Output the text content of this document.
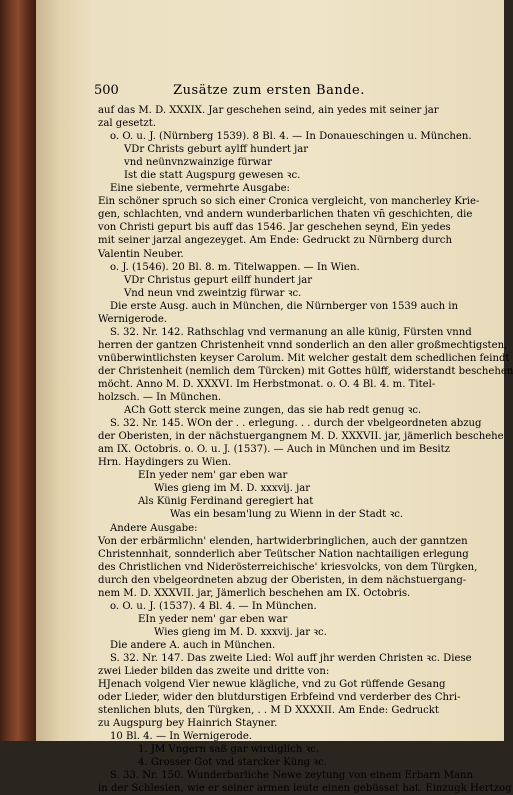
500	Zusätze zum ersten Bande.
auf das M. D. XXXIX. Jar geschehen seind, ain yedes mit seiner jar
zal gesetzt.
o. O. u. J. (Nürnberg 1539). 8 Bl. 4. — In Donaueschingen u. München.
VDr Christs geburt aylff hundert jar
vnd neünvnzwainzige fürwar
Ist die statt Augspurg gewesen ꝛc.
Eine siebente, vermehrte Ausgabe:
Ein schöner spruch so sich einer Cronica vergleicht, von mancherley Krie-
gen, schlachten, vnd andern wunderbarlichen thaten vn̄ geschichten, die
von Christi gepurt bis auff das 1546. Jar geschehen seynd, Ein yedes
mit seiner jarzal angezeyget. Am Ende: Gedruckt zu Nürnberg durch
Valentin Neuber.
o. J. (1546). 20 Bl. 8. m. Titelwappen. — In Wien.
VDr Christus gepurt eilff hundert jar
Vnd neun vnd zweintzig fürwar ꝛc.
Die erste Ausg. auch in München, die Nürnberger von 1539 auch in
Wernigerode.
S. 32. Nr. 142. Rathschlag vnd vermanung an alle künig, Fürsten vnnd
herren der gantzen Christenheit vnnd sonderlich an den aller großmechtigsten,
vnüberwintlichsten keyser Carolum. Mit welcher gestalt dem schedlichen feindt
der Christenheit (nemlich dem Türcken) mit Gottes hülff, widerstandt beschehen
möcht. Anno M. D. XXXVI. Im Herbstmonat. o. O. 4 Bl. 4. m. Titel-
holzsch. — In München.
ACh Gott sterck meine zungen, das sie hab redt genug ꝛc.
S. 32. Nr. 145. WOn der . . erlegung. . . durch der vbelgeordneten abzug
der Oberisten, in der nächstuergangnem M. D. XXXVII. jar, jämerlich beschehe
am IX. Octobris. o. O. u. J. (1537). — Auch in München und im Besitz
Hrn. Haydingers zu Wien.
EIn yeder nem' gar eben war
Wies gieng im M. D. xxxvij. jar
Als Künig Ferdinand geregiert hat
Was ein besam'lung zu Wienn in der Stadt ꝛc.
Andere Ausgabe:
Von der erbärmlichn' elenden, hartwiderbringlichen, auch der ganntzen
Christennhait, sonnderlich aber Teütscher Nation nachtailigen erlegung
des Christlichen vnd Niderösterreichische' kriesvolcks, von dem Türgken,
durch den vbelgeordneten abzug der Oberisten, in dem nächstuergang-
nem M. D. XXXVII. jar, Jämerlich beschehen am IX. Octobris.
o. O. u. J. (1537). 4 Bl. 4. — In München.
EIn yeder nem' gar eben war
Wies gieng im M. D. xxxvij. jar ꝛc.
Die andere A. auch in München.
S. 32. Nr. 147. Das zweite Lied: Wol auff jhr werden Christen ꝛc. Diese
zwei Lieder bilden das zweite und dritte von:
HJenach volgend Vier newue klägliche, vnd zu Got rüffende Gesang
oder Lieder, wider den blutdurstigen Erbfeind vnd verderber des Chri-
stenlichen bluts, den Türgken, . . M D XXXXII. Am Ende: Gedruckt
zu Augspurg bey Hainrich Stayner.
10 Bl. 4. — In Wernigerode.
1. JM Vngern saß gar wirdiglich ꝛc.
4. Grosser Got vnd starcker Küng ꝛc.
S. 33. Nr. 150. Wunderbarliche Newe zeytung von einem Erbarn Mann
in der Schlesien, wie er seiner armen leute einen gebüsset hat. Einzugk Hertzog
